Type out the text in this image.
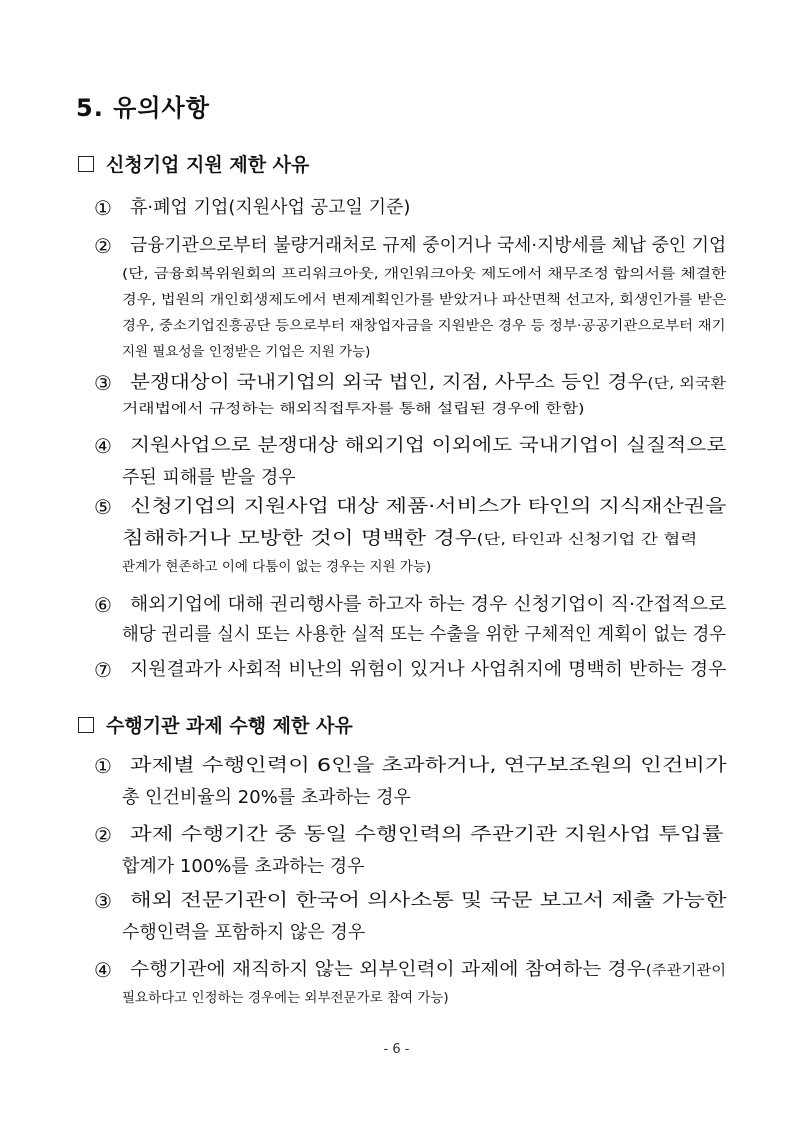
5. 유의사항
신청기업 지원 제한 사유
① 휴·폐업 기업(지원사업 공고일 기준)
② 금융기관으로부터 불량거래처로 규제 중이거나 국세·지방세를 체납 중인 기업
(단, 금융회복위원회의 프리워크아웃, 개인워크아웃 제도에서 채무조정 합의서를 체결한
경우, 법원의 개인회생제도에서 변제계획인가를 받았거나 파산면책 선고자, 회생인가를 받은
경우, 중소기업진흥공단 등으로부터 재창업자금을 지원받은 경우 등 정부·공공기관으로부터 재기
지원 필요성을 인정받은 기업은 지원 가능)
③ 분쟁대상이 국내기업의 외국 법인, 지점, 사무소 등인 경우(단, 외국환
거래법에서 규정하는 해외직접투자를 통해 설립된 경우에 한함)
④ 지원사업으로 분쟁대상 해외기업 이외에도 국내기업이 실질적으로
주된 피해를 받을 경우
⑤ 신청기업의 지원사업 대상 제품·서비스가 타인의 지식재산권을
침해하거나 모방한 것이 명백한 경우(단, 타인과 신청기업 간 협력
관계가 현존하고 이에 다툼이 없는 경우는 지원 가능)
⑥ 해외기업에 대해 권리행사를 하고자 하는 경우 신청기업이 직·간접적으로
해당 권리를 실시 또는 사용한 실적 또는 수출을 위한 구체적인 계획이 없는 경우
⑦ 지원결과가 사회적 비난의 위험이 있거나 사업취지에 명백히 반하는 경우
수행기관 과제 수행 제한 사유
① 과제별 수행인력이 6인을 초과하거나, 연구보조원의 인건비가
총 인건비율의 20%를 초과하는 경우
② 과제 수행기간 중 동일 수행인력의 주관기관 지원사업 투입률
합계가 100%를 초과하는 경우
③ 해외 전문기관이 한국어 의사소통 및 국문 보고서 제출 가능한
수행인력을 포함하지 않은 경우
④ 수행기관에 재직하지 않는 외부인력이 과제에 참여하는 경우(주관기관이
필요하다고 인정하는 경우에는 외부전문가로 참여 가능)
- 6 -
